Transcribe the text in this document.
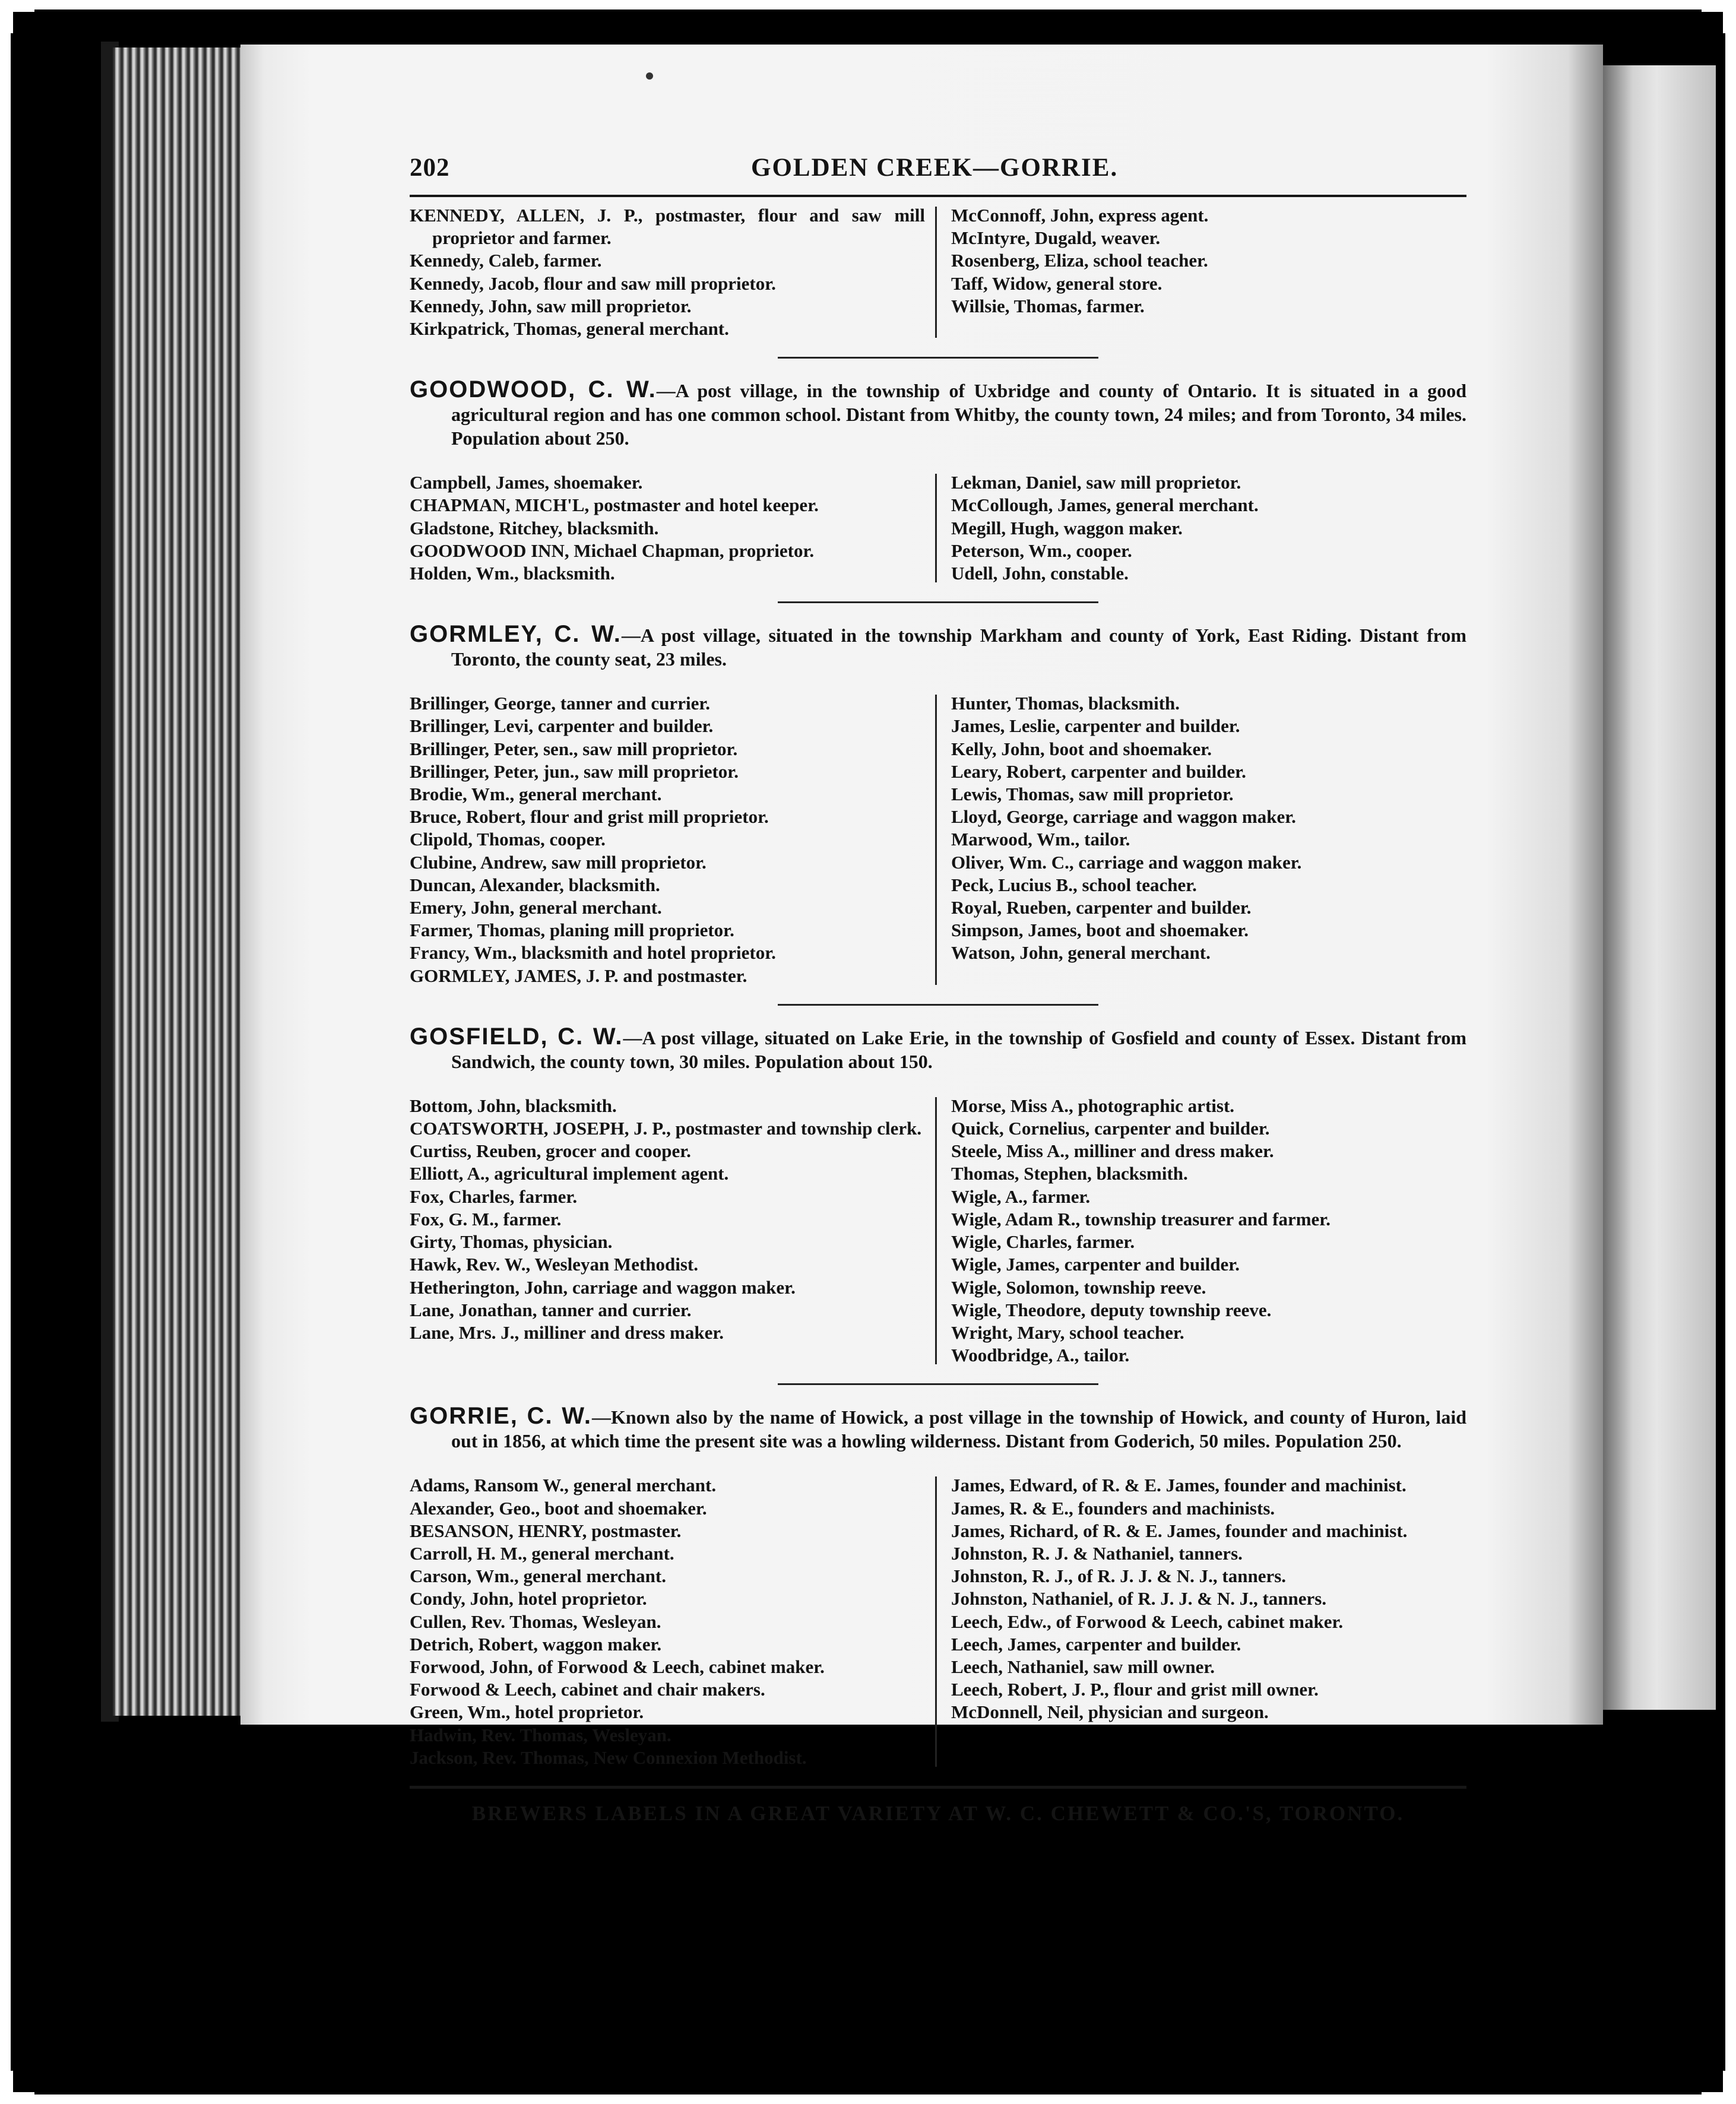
202	GOLDEN CREEK—GORRIE.
KENNEDY, ALLEN, J. P., postmaster, flour and saw mill proprietor and farmer.
Kennedy, Caleb, farmer.
Kennedy, Jacob, flour and saw mill proprietor.
Kennedy, John, saw mill proprietor.
Kirkpatrick, Thomas, general merchant.
McConnoff, John, express agent.
McIntyre, Dugald, weaver.
Rosenberg, Eliza, school teacher.
Taff, Widow, general store.
Willsie, Thomas, farmer.
GOODWOOD, C. W.—A post village, in the township of Uxbridge and county of Ontario. It is situated in a good agricultural region and has one common school. Distant from Whitby, the county town, 24 miles; and from Toronto, 34 miles. Population about 250.
Campbell, James, shoemaker.
CHAPMAN, MICH'L, postmaster and hotel keeper.
Gladstone, Ritchey, blacksmith.
GOODWOOD INN, Michael Chapman, proprietor.
Holden, Wm., blacksmith.
Lekman, Daniel, saw mill proprietor.
McCollough, James, general merchant.
Megill, Hugh, waggon maker.
Peterson, Wm., cooper.
Udell, John, constable.
GORMLEY, C. W.—A post village, situated in the township Markham and county of York, East Riding. Distant from Toronto, the county seat, 23 miles.
Brillinger, George, tanner and currier.
Brillinger, Levi, carpenter and builder.
Brillinger, Peter, sen., saw mill proprietor.
Brillinger, Peter, jun., saw mill proprietor.
Brodie, Wm., general merchant.
Bruce, Robert, flour and grist mill proprietor.
Clipold, Thomas, cooper.
Clubine, Andrew, saw mill proprietor.
Duncan, Alexander, blacksmith.
Emery, John, general merchant.
Farmer, Thomas, planing mill proprietor.
Francy, Wm., blacksmith and hotel proprietor.
GORMLEY, JAMES, J. P. and postmaster.
Hunter, Thomas, blacksmith.
James, Leslie, carpenter and builder.
Kelly, John, boot and shoemaker.
Leary, Robert, carpenter and builder.
Lewis, Thomas, saw mill proprietor.
Lloyd, George, carriage and waggon maker.
Marwood, Wm., tailor.
Oliver, Wm. C., carriage and waggon maker.
Peck, Lucius B., school teacher.
Royal, Rueben, carpenter and builder.
Simpson, James, boot and shoemaker.
Watson, John, general merchant.
GOSFIELD, C. W.—A post village, situated on Lake Erie, in the township of Gosfield and county of Essex. Distant from Sandwich, the county town, 30 miles. Population about 150.
Bottom, John, blacksmith.
COATSWORTH, JOSEPH, J. P., postmaster and township clerk.
Curtiss, Reuben, grocer and cooper.
Elliott, A., agricultural implement agent.
Fox, Charles, farmer.
Fox, G. M., farmer.
Girty, Thomas, physician.
Hawk, Rev. W., Wesleyan Methodist.
Hetherington, John, carriage and waggon maker.
Lane, Jonathan, tanner and currier.
Lane, Mrs. J., milliner and dress maker.
Morse, Miss A., photographic artist.
Quick, Cornelius, carpenter and builder.
Steele, Miss A., milliner and dress maker.
Thomas, Stephen, blacksmith.
Wigle, A., farmer.
Wigle, Adam R., township treasurer and farmer.
Wigle, Charles, farmer.
Wigle, James, carpenter and builder.
Wigle, Solomon, township reeve.
Wigle, Theodore, deputy township reeve.
Wright, Mary, school teacher.
Woodbridge, A., tailor.
GORRIE, C. W.—Known also by the name of Howick, a post village in the township of Howick, and county of Huron, laid out in 1856, at which time the present site was a howling wilderness. Distant from Goderich, 50 miles. Population 250.
Adams, Ransom W., general merchant.
Alexander, Geo., boot and shoemaker.
BESANSON, HENRY, postmaster.
Carroll, H. M., general merchant.
Carson, Wm., general merchant.
Condy, John, hotel proprietor.
Cullen, Rev. Thomas, Wesleyan.
Detrich, Robert, waggon maker.
Forwood, John, of Forwood & Leech, cabinet maker.
Forwood & Leech, cabinet and chair makers.
Green, Wm., hotel proprietor.
Hadwin, Rev. Thomas, Wesleyan.
Jackson, Rev. Thomas, New Connexion Methodist.
James, Edward, of R. & E. James, founder and machinist.
James, R. & E., founders and machinists.
James, Richard, of R. & E. James, founder and machinist.
Johnston, R. J. & Nathaniel, tanners.
Johnston, R. J., of R. J. J. & N. J., tanners.
Johnston, Nathaniel, of R. J. J. & N. J., tanners.
Leech, Edw., of Forwood & Leech, cabinet maker.
Leech, James, carpenter and builder.
Leech, Nathaniel, saw mill owner.
Leech, Robert, J. P., flour and grist mill owner.
McDonnell, Neil, physician and surgeon.
BREWERS LABELS IN A GREAT VARIETY AT W. C. CHEWETT & CO.'S, TORONTO.
